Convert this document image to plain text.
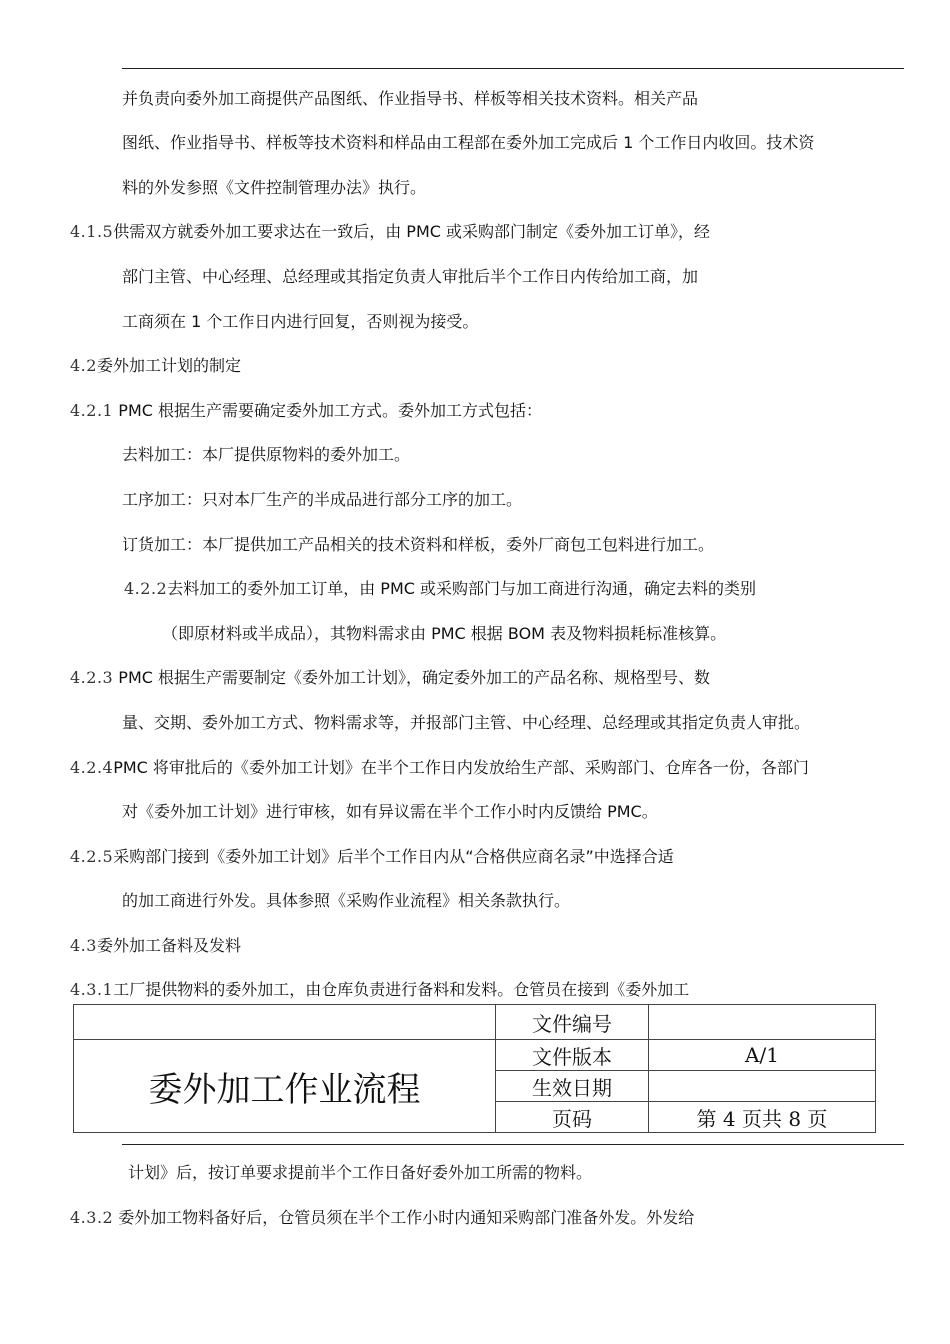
并负责向委外加工商提供产品图纸、作业指导书、样板等相关技术资料。相关产品
图纸、作业指导书、样板等技术资料和样品由工程部在委外加工完成后 1 个工作日内收回。技术资
料的外发参照《文件控制管理办法》执行。
4.1.5供需双方就委外加工要求达在一致后，由 PMC 或采购部门制定《委外加工订单》，经
部门主管、中心经理、总经理或其指定负责人审批后半个工作日内传给加工商，加
工商须在 1 个工作日内进行回复，否则视为接受。
4.2委外加工计划的制定
4.2.1 PMC 根据生产需要确定委外加工方式。委外加工方式包括：
去料加工：本厂提供原物料的委外加工。
工序加工：只对本厂生产的半成品进行部分工序的加工。
订货加工：本厂提供加工产品相关的技术资料和样板，委外厂商包工包料进行加工。
4.2.2去料加工的委外加工订单，由 PMC 或采购部门与加工商进行沟通，确定去料的类别
（即原材料或半成品），其物料需求由 PMC 根据 BOM 表及物料损耗标准核算。
4.2.3 PMC 根据生产需要制定《委外加工计划》，确定委外加工的产品名称、规格型号、数
量、交期、委外加工方式、物料需求等，并报部门主管、中心经理、总经理或其指定负责人审批。
4.2.4PMC 将审批后的《委外加工计划》在半个工作日内发放给生产部、采购部门、仓库各一份，各部门
对《委外加工计划》进行审核，如有异议需在半个工作小时内反馈给 PMC。
4.2.5采购部门接到《委外加工计划》后半个工作日内从“合格供应商名录”中选择合适
的加工商进行外发。具体参照《采购作业流程》相关条款执行。
4.3委外加工备料及发料
4.3.1工厂提供物料的委外加工，由仓库负责进行备料和发料。仓管员在接到《委外加工
	文件编号	
委外加工作业流程	文件版本	A/1
	生效日期	
	页码	第 4 页共 8 页
计划》后，按订单要求提前半个工作日备好委外加工所需的物料。
4.3.2 委外加工物料备好后，仓管员须在半个工作小时内通知采购部门准备外发。外发给
